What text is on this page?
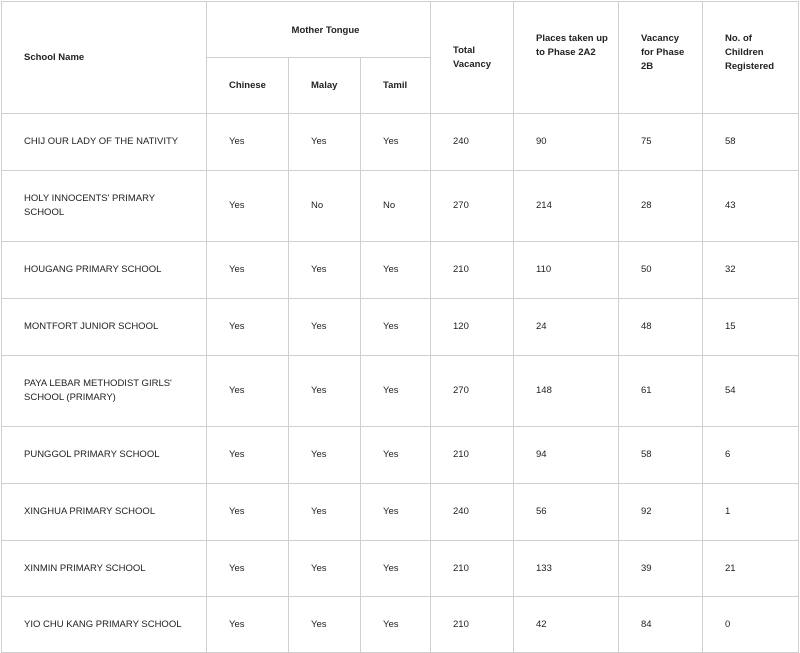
School Name	Mother Tongue			Total Vacancy	Places taken up to Phase 2A2	Vacancy for Phase 2B	No. of Children Registered
	Chinese	Malay	Tamil				
CHIJ OUR LADY OF THE NATIVITY	Yes	Yes	Yes	240	90	75	58
HOLY INNOCENTS' PRIMARY SCHOOL	Yes	No	No	270	214	28	43
HOUGANG PRIMARY SCHOOL	Yes	Yes	Yes	210	110	50	32
MONTFORT JUNIOR SCHOOL	Yes	Yes	Yes	120	24	48	15
PAYA LEBAR METHODIST GIRLS' SCHOOL (PRIMARY)	Yes	Yes	Yes	270	148	61	54
PUNGGOL PRIMARY SCHOOL	Yes	Yes	Yes	210	94	58	6
XINGHUA PRIMARY SCHOOL	Yes	Yes	Yes	240	56	92	1
XINMIN PRIMARY SCHOOL	Yes	Yes	Yes	210	133	39	21
YIO CHU KANG PRIMARY SCHOOL	Yes	Yes	Yes	210	42	84	0
